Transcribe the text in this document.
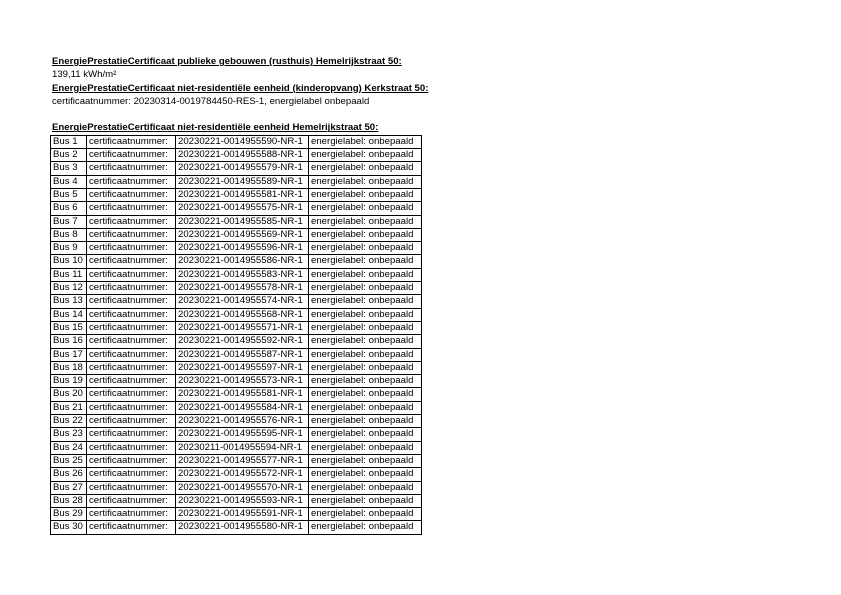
EnergiePrestatieCertificaat publieke gebouwen (rusthuis) Hemelrijkstraat 50:
139,11 kWh/m²
EnergiePrestatieCertificaat niet-residentiële eenheid (kinderopvang) Kerkstraat 50:
certificaatnummer: 20230314-0019784450-RES-1, energielabel onbepaald
EnergiePrestatieCertificaat niet-residentiële eenheid Hemelrijkstraat 50:
Bus 1	certificaatnummer:	20230221-0014955590-NR-1	energielabel: onbepaald
Bus 2	certificaatnummer:	20230221-0014955588-NR-1	energielabel: onbepaald
Bus 3	certificaatnummer:	20230221-0014955579-NR-1	energielabel: onbepaald
Bus 4	certificaatnummer:	20230221-0014955589-NR-1	energielabel: onbepaald
Bus 5	certificaatnummer:	20230221-0014955581-NR-1	energielabel: onbepaald
Bus 6	certificaatnummer:	20230221-0014955575-NR-1	energielabel: onbepaald
Bus 7	certificaatnummer:	20230221-0014955585-NR-1	energielabel: onbepaald
Bus 8	certificaatnummer:	20230221-0014955569-NR-1	energielabel: onbepaald
Bus 9	certificaatnummer:	20230221-0014955596-NR-1	energielabel: onbepaald
Bus 10	certificaatnummer:	20230221-0014955586-NR-1	energielabel: onbepaald
Bus 11	certificaatnummer:	20230221-0014955583-NR-1	energielabel: onbepaald
Bus 12	certificaatnummer:	20230221-0014955578-NR-1	energielabel: onbepaald
Bus 13	certificaatnummer:	20230221-0014955574-NR-1	energielabel: onbepaald
Bus 14	certificaatnummer:	20230221-0014955568-NR-1	energielabel: onbepaald
Bus 15	certificaatnummer:	20230221-0014955571-NR-1	energielabel: onbepaald
Bus 16	certificaatnummer:	20230221-0014955592-NR-1	energielabel: onbepaald
Bus 17	certificaatnummer:	20230221-0014955587-NR-1	energielabel: onbepaald
Bus 18	certificaatnummer:	20230221-0014955597-NR-1	energielabel: onbepaald
Bus 19	certificaatnummer:	20230221-0014955573-NR-1	energielabel: onbepaald
Bus 20	certificaatnummer:	20230221-0014955581-NR-1	energielabel: onbepaald
Bus 21	certificaatnummer:	20230221-0014955584-NR-1	energielabel: onbepaald
Bus 22	certificaatnummer:	20230221-0014955576-NR-1	energielabel: onbepaald
Bus 23	certificaatnummer:	20230221-0014955595-NR-1	energielabel: onbepaald
Bus 24	certificaatnummer:	20230211-0014955594-NR-1	energielabel: onbepaald
Bus 25	certificaatnummer:	20230221-0014955577-NR-1	energielabel: onbepaald
Bus 26	certificaatnummer:	20230221-0014955572-NR-1	energielabel: onbepaald
Bus 27	certificaatnummer:	20230221-0014955570-NR-1	energielabel: onbepaald
Bus 28	certificaatnummer:	20230221-0014955593-NR-1	energielabel: onbepaald
Bus 29	certificaatnummer:	20230221-0014955591-NR-1	energielabel: onbepaald
Bus 30	certificaatnummer:	20230221-0014955580-NR-1	energielabel: onbepaald
